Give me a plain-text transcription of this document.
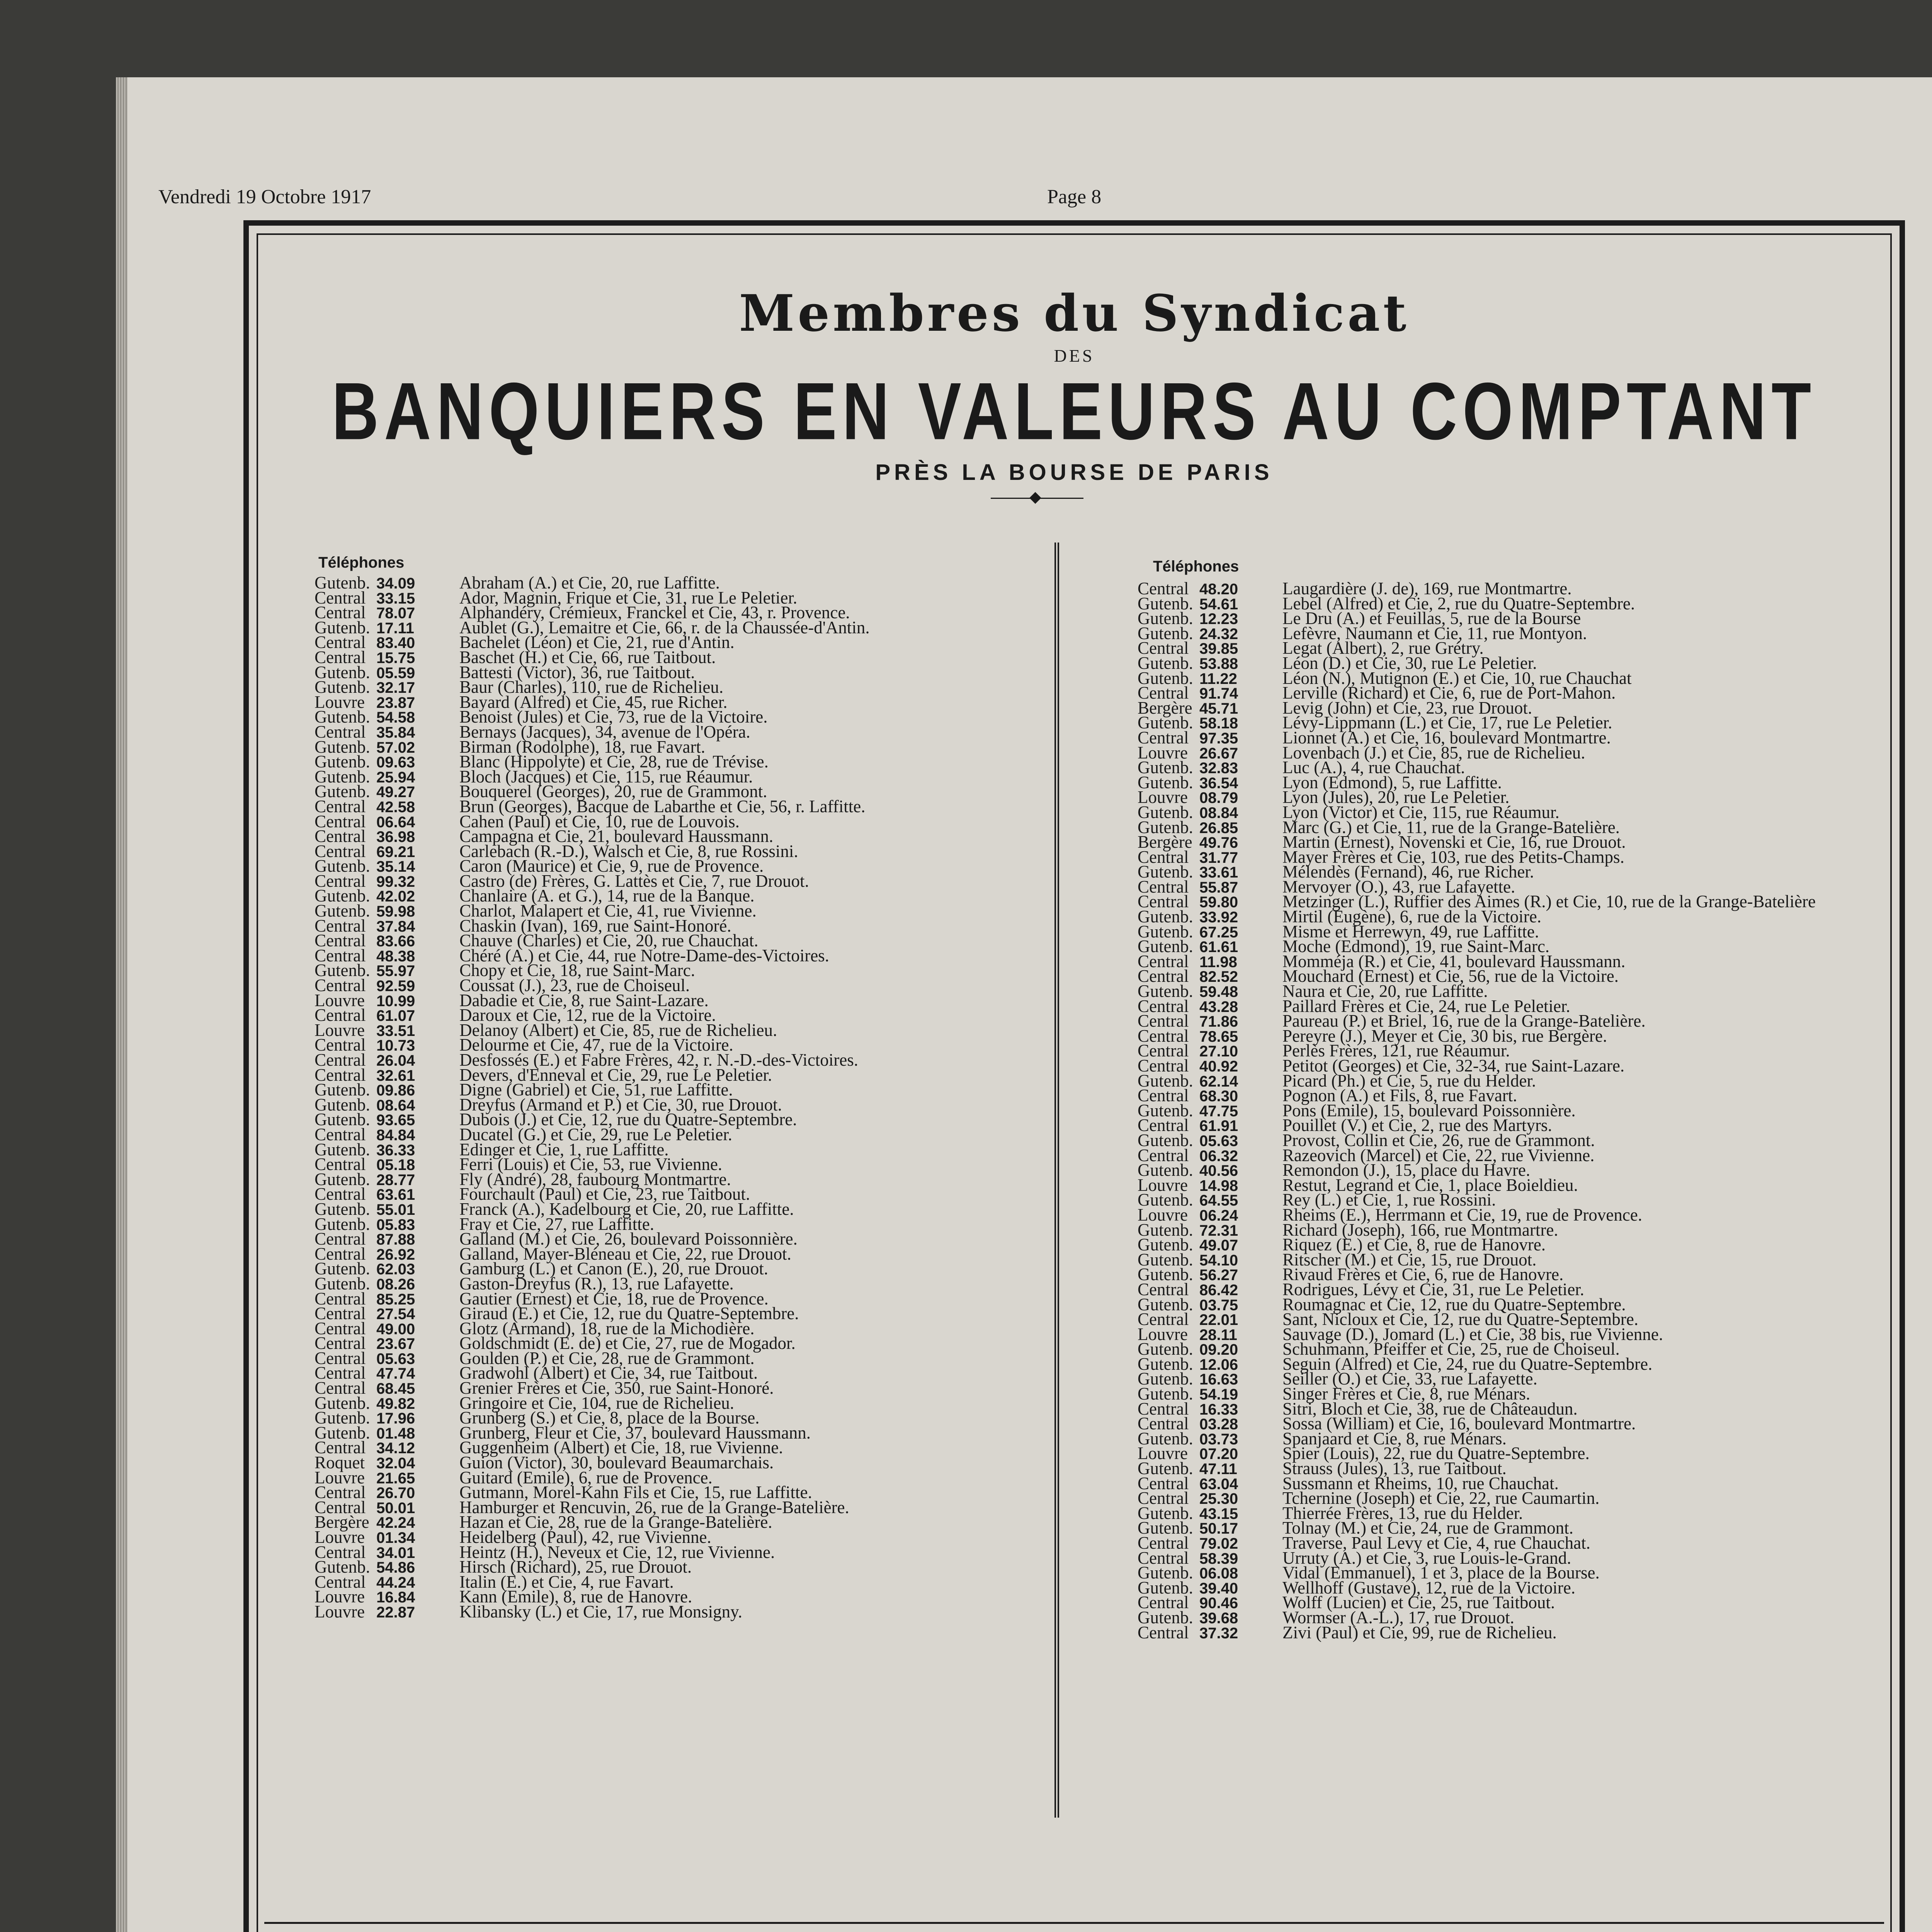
Vendredi 19 Octobre 1917	Page 8
Membres du Syndicat
DES
BANQUIERS EN VALEURS AU COMPTANT
PRÈS LA BOURSE DE PARIS
◆
Téléphones
Gutenb. 34.09	Abraham (A.) et Cie, 20, rue Laffitte.
Central 33.15	Ador, Magnin, Frique et Cie, 31, rue Le Peletier.
Central 78.07	Alphandéry, Crémieux, Franckel et Cie, 43, r. Provence.
Gutenb. 17.11	Aublet (G.), Lemaitre et Cie, 66, r. de la Chaussée-d'Antin.
Central 83.40	Bachelet (Léon) et Cie, 21, rue d'Antin.
Central 15.75	Baschet (H.) et Cie, 66, rue Taitbout.
Gutenb. 05.59	Battesti (Victor), 36, rue Taitbout.
Gutenb. 32.17	Baur (Charles), 110, rue de Richelieu.
Louvre 23.87	Bayard (Alfred) et Cie, 45, rue Richer.
Gutenb. 54.58	Benoist (Jules) et Cie, 73, rue de la Victoire.
Central 35.84	Bernays (Jacques), 34, avenue de l'Opéra.
Gutenb. 57.02	Birman (Rodolphe), 18, rue Favart.
Gutenb. 09.63	Blanc (Hippolyte) et Cie, 28, rue de Trévise.
Gutenb. 25.94	Bloch (Jacques) et Cie, 115, rue Réaumur.
Gutenb. 49.27	Bouquerel (Georges), 20, rue de Grammont.
Central 42.58	Brun (Georges), Bacque de Labarthe et Cie, 56, r. Laffitte.
Central 06.64	Cahen (Paul) et Cie, 10, rue de Louvois.
Central 36.98	Campagna et Cie, 21, boulevard Haussmann.
Central 69.21	Carlebach (R.-D.), Walsch et Cie, 8, rue Rossini.
Gutenb. 35.14	Caron (Maurice) et Cie, 9, rue de Provence.
Central 99.32	Castro (de) Frères, G. Lattès et Cie, 7, rue Drouot.
Gutenb. 42.02	Chanlaire (A. et G.), 14, rue de la Banque.
Gutenb. 59.98	Charlot, Malapert et Cie, 41, rue Vivienne.
Central 37.84	Chaskin (Ivan), 169, rue Saint-Honoré.
Central 83.66	Chauve (Charles) et Cie, 20, rue Chauchat.
Central 48.38	Chéré (A.) et Cie, 44, rue Notre-Dame-des-Victoires.
Gutenb. 55.97	Chopy et Cie, 18, rue Saint-Marc.
Central 92.59	Coussat (J.), 23, rue de Choiseul.
Louvre 10.99	Dabadie et Cie, 8, rue Saint-Lazare.
Central 61.07	Daroux et Cie, 12, rue de la Victoire.
Louvre 33.51	Delanoy (Albert) et Cie, 85, rue de Richelieu.
Central 10.73	Delourme et Cie, 47, rue de la Victoire.
Central 26.04	Desfossés (E.) et Fabre Frères, 42, r. N.-D.-des-Victoires.
Central 32.61	Devers, d'Enneval et Cie, 29, rue Le Peletier.
Gutenb. 09.86	Digne (Gabriel) et Cie, 51, rue Laffitte.
Gutenb. 08.64	Dreyfus (Armand et P.) et Cie, 30, rue Drouot.
Gutenb. 93.65	Dubois (J.) et Cie, 12, rue du Quatre-Septembre.
Central 84.84	Ducatel (G.) et Cie, 29, rue Le Peletier.
Gutenb. 36.33	Edinger et Cie, 1, rue Laffitte.
Central 05.18	Ferri (Louis) et Cie, 53, rue Vivienne.
Gutenb. 28.77	Fly (André), 28, faubourg Montmartre.
Central 63.61	Fourchault (Paul) et Cie, 23, rue Taitbout.
Gutenb. 55.01	Franck (A.), Kadelbourg et Cie, 20, rue Laffitte.
Gutenb. 05.83	Fray et Cie, 27, rue Laffitte.
Central 87.88	Galland (M.) et Cie, 26, boulevard Poissonnière.
Central 26.92	Galland, Mayer-Bléneau et Cie, 22, rue Drouot.
Gutenb. 62.03	Gamburg (L.) et Canon (E.), 20, rue Drouot.
Gutenb. 08.26	Gaston-Dreyfus (R.), 13, rue Lafayette.
Central 85.25	Gautier (Ernest) et Cie, 18, rue de Provence.
Central 27.54	Giraud (E.) et Cie, 12, rue du Quatre-Septembre.
Central 49.00	Glotz (Armand), 18, rue de la Michodière.
Central 23.67	Goldschmidt (E. de) et Cie, 27, rue de Mogador.
Central 05.63	Goulden (P.) et Cie, 28, rue de Grammont.
Central 47.74	Gradwohl (Albert) et Cie, 34, rue Taitbout.
Central 68.45	Grenier Frères et Cie, 350, rue Saint-Honoré.
Gutenb. 49.82	Gringoire et Cie, 104, rue de Richelieu.
Gutenb. 17.96	Grunberg (S.) et Cie, 8, place de la Bourse.
Gutenb. 01.48	Grunberg, Fleur et Cie, 37, boulevard Haussmann.
Central 34.12	Guggenheim (Albert) et Cie, 18, rue Vivienne.
Roquet 32.04	Guion (Victor), 30, boulevard Beaumarchais.
Louvre 21.65	Guitard (Emile), 6, rue de Provence.
Central 26.70	Gutmann, Morel-Kahn Fils et Cie, 15, rue Laffitte.
Central 50.01	Hamburger et Rencuvin, 26, rue de la Grange-Batelière.
Bergère 42.24	Hazan et Cie, 28, rue de la Grange-Batelière.
Louvre 01.34	Heidelberg (Paul), 42, rue Vivienne.
Central 34.01	Heintz (H.), Neveux et Cie, 12, rue Vivienne.
Gutenb. 54.86	Hirsch (Richard), 25, rue Drouot.
Central 44.24	Italin (E.) et Cie, 4, rue Favart.
Louvre 16.84	Kann (Emile), 8, rue de Hanovre.
Louvre 22.87	Klibansky (L.) et Cie, 17, rue Monsigny.
Téléphones
Central 48.20	Laugardière (J. de), 169, rue Montmartre.
Gutenb. 54.61	Lebel (Alfred) et Cie, 2, rue du Quatre-Septembre.
Gutenb. 12.23	Le Dru (A.) et Feuillas, 5, rue de la Bourse
Gutenb. 24.32	Lefèvre, Naumann et Cie, 11, rue Montyon.
Central 39.85	Legat (Albert), 2, rue Grétry.
Gutenb. 53.88	Léon (D.) et Cie, 30, rue Le Peletier.
Gutenb. 11.22	Léon (N.), Mutignon (E.) et Cie, 10, rue Chauchat
Central 91.74	Lerville (Richard) et Cie, 6, rue de Port-Mahon.
Bergère 45.71	Levig (John) et Cie, 23, rue Drouot.
Gutenb. 58.18	Lévy-Lippmann (L.) et Cie, 17, rue Le Peletier.
Central 97.35	Lionnet (A.) et Cie, 16, boulevard Montmartre.
Louvre 26.67	Lovenbach (J.) et Cie, 85, rue de Richelieu.
Gutenb. 32.83	Luc (A.), 4, rue Chauchat.
Gutenb. 36.54	Lyon (Edmond), 5, rue Laffitte.
Louvre 08.79	Lyon (Jules), 20, rue Le Peletier.
Gutenb. 08.84	Lyon (Victor) et Cie, 115, rue Réaumur.
Gutenb. 26.85	Marc (G.) et Cie, 11, rue de la Grange-Batelière.
Bergère 49.76	Martin (Ernest), Novenski et Cie, 16, rue Drouot.
Central 31.77	Mayer Frères et Cie, 103, rue des Petits-Champs.
Gutenb. 33.61	Mélendès (Fernand), 46, rue Richer.
Central 55.87	Mervoyer (O.), 43, rue Lafayette.
Central 59.80	Metzinger (L.), Ruffier des Aimes (R.) et Cie, 10, rue de la Grange-Batelière
Gutenb. 33.92	Mirtil (Eugène), 6, rue de la Victoire.
Gutenb. 67.25	Misme et Herrewyn, 49, rue Laffitte.
Gutenb. 61.61	Moche (Edmond), 19, rue Saint-Marc.
Central 11.98	Momméja (R.) et Cie, 41, boulevard Haussmann.
Central 82.52	Mouchard (Ernest) et Cie, 56, rue de la Victoire.
Gutenb. 59.48	Naura et Cie, 20, rue Laffitte.
Central 43.28	Paillard Frères et Cie, 24, rue Le Peletier.
Central 71.86	Paureau (P.) et Briel, 16, rue de la Grange-Batelière.
Central 78.65	Pereyre (J.), Meyer et Cie, 30 bis, rue Bergère.
Central 27.10	Perlès Frères, 121, rue Réaumur.
Central 40.92	Petitot (Georges) et Cie, 32-34, rue Saint-Lazare.
Gutenb. 62.14	Picard (Ph.) et Cie, 5, rue du Helder.
Central 68.30	Pognon (A.) et Fils, 8, rue Favart.
Gutenb. 47.75	Pons (Emile), 15, boulevard Poissonnière.
Central 61.91	Pouillet (V.) et Cie, 2, rue des Martyrs.
Gutenb. 05.63	Provost, Collin et Cie, 26, rue de Grammont.
Central 06.32	Razeovich (Marcel) et Cie, 22, rue Vivienne.
Gutenb. 40.56	Remondon (J.), 15, place du Havre.
Louvre 14.98	Restut, Legrand et Cie, 1, place Boieldieu.
Gutenb. 64.55	Rey (L.) et Cie, 1, rue Rossini.
Louvre 06.24	Rheims (E.), Herrmann et Cie, 19, rue de Provence.
Gutenb. 72.31	Richard (Joseph), 166, rue Montmartre.
Gutenb. 49.07	Riquez (E.) et Cie, 8, rue de Hanovre.
Gutenb. 54.10	Ritscher (M.) et Cie, 15, rue Drouot.
Gutenb. 56.27	Rivaud Frères et Cie, 6, rue de Hanovre.
Central 86.42	Rodrigues, Lévy et Cie, 31, rue Le Peletier.
Gutenb. 03.75	Roumagnac et Cie, 12, rue du Quatre-Septembre.
Central 22.01	Sant, Nicloux et Cie, 12, rue du Quatre-Septembre.
Louvre 28.11	Sauvage (D.), Jomard (L.) et Cie, 38 bis, rue Vivienne.
Gutenb. 09.20	Schuhmann, Pfeiffer et Cie, 25, rue de Choiseul.
Gutenb. 12.06	Seguin (Alfred) et Cie, 24, rue du Quatre-Septembre.
Gutenb. 16.63	Seiller (O.) et Cie, 33, rue Lafayette.
Gutenb. 54.19	Singer Frères et Cie, 8, rue Ménars.
Central 16.33	Sitri, Bloch et Cie, 38, rue de Châteaudun.
Central 03.28	Sossa (William) et Cie, 16, boulevard Montmartre.
Gutenb. 03.73	Spanjaard et Cie, 8, rue Ménars.
Louvre 07.20	Spier (Louis), 22, rue du Quatre-Septembre.
Gutenb. 47.11	Strauss (Jules), 13, rue Taitbout.
Central 63.04	Sussmann et Rheims, 10, rue Chauchat.
Central 25.30	Tchernine (Joseph) et Cie, 22, rue Caumartin.
Gutenb. 43.15	Thierrée Frères, 13, rue du Helder.
Gutenb. 50.17	Tolnay (M.) et Cie, 24, rue de Grammont.
Central 79.02	Traverse, Paul Levy et Cie, 4, rue Chauchat.
Central 58.39	Urruty (A.) et Cie, 3, rue Louis-le-Grand.
Gutenb. 06.08	Vidal (Emmanuel), 1 et 3, place de la Bourse.
Gutenb. 39.40	Wellhoff (Gustave), 12, rue de la Victoire.
Central 90.46	Wolff (Lucien) et Cie, 25, rue Taitbout.
Gutenb. 39.68	Wormser (A.-L.), 17, rue Drouot.
Central 37.32	Zivi (Paul) et Cie, 99, rue de Richelieu.
